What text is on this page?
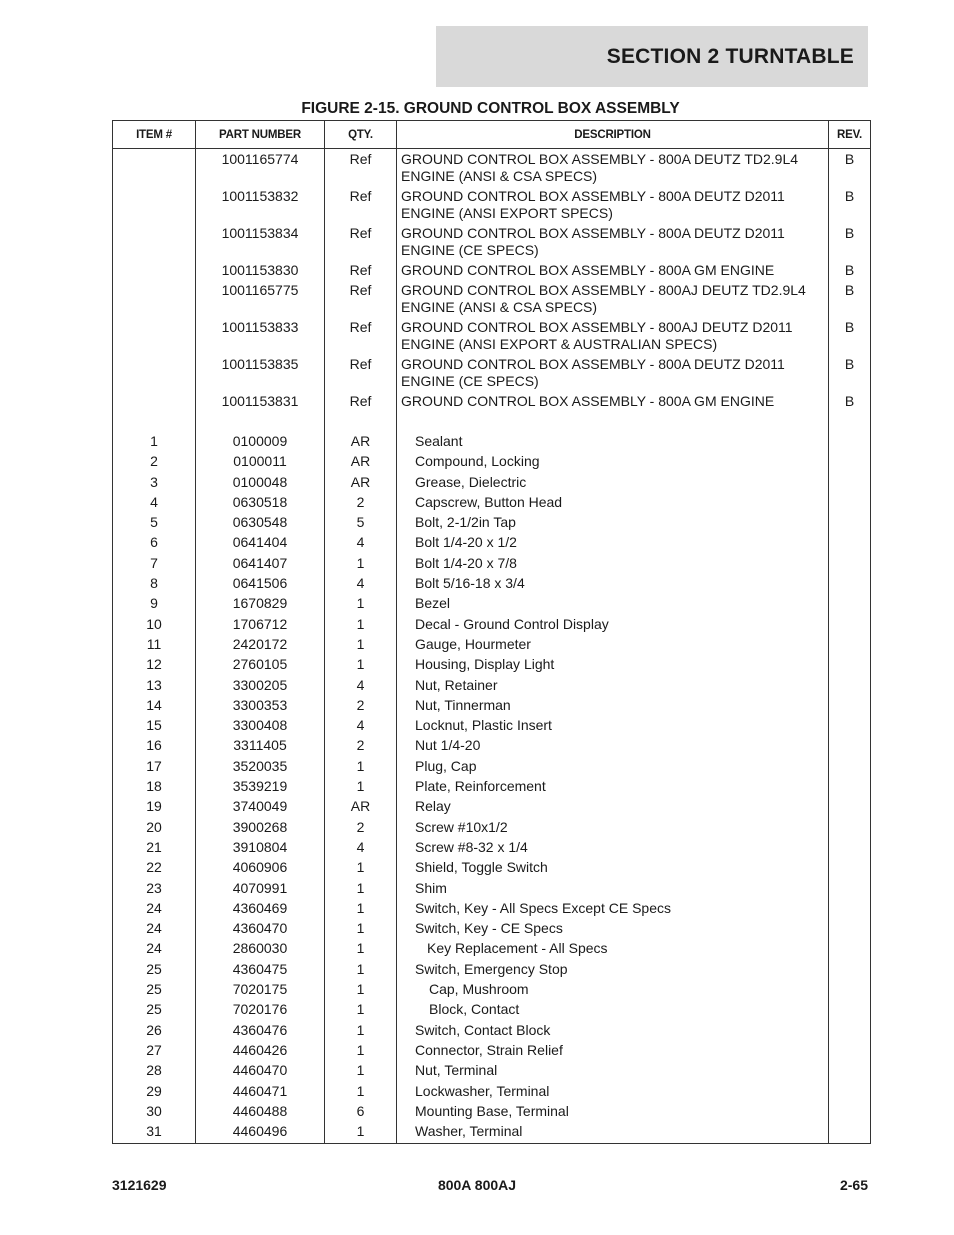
SECTION 2 TURNTABLE
FIGURE 2-15. GROUND CONTROL BOX ASSEMBLY
ITEM #	PART NUMBER	QTY.	DESCRIPTION	REV.
	1001165774	Ref	GROUND CONTROL BOX ASSEMBLY - 800A DEUTZ TD2.9L4 ENGINE (ANSI & CSA SPECS)	B
	1001153832	Ref	GROUND CONTROL BOX ASSEMBLY - 800A DEUTZ D2011 ENGINE (ANSI EXPORT SPECS)	B
	1001153834	Ref	GROUND CONTROL BOX ASSEMBLY - 800A DEUTZ D2011 ENGINE (CE SPECS)	B
	1001153830	Ref	GROUND CONTROL BOX ASSEMBLY - 800A GM ENGINE	B
	1001165775	Ref	GROUND CONTROL BOX ASSEMBLY - 800AJ DEUTZ TD2.9L4 ENGINE (ANSI & CSA SPECS)	B
	1001153833	Ref	GROUND CONTROL BOX ASSEMBLY - 800AJ DEUTZ D2011 ENGINE (ANSI EXPORT & AUSTRALIAN SPECS)	B
	1001153835	Ref	GROUND CONTROL BOX ASSEMBLY - 800A DEUTZ D2011 ENGINE (CE SPECS)	B
	1001153831	Ref	GROUND CONTROL BOX ASSEMBLY - 800A GM ENGINE	B

1	0100009	AR	Sealant	
2	0100011	AR	Compound, Locking	
3	0100048	AR	Grease, Dielectric	
4	0630518	2	Capscrew, Button Head	
5	0630548	5	Bolt, 2-1/2in Tap	
6	0641404	4	Bolt 1/4-20 x 1/2	
7	0641407	1	Bolt 1/4-20 x 7/8	
8	0641506	4	Bolt 5/16-18 x 3/4	
9	1670829	1	Bezel	
10	1706712	1	Decal - Ground Control Display	
11	2420172	1	Gauge, Hourmeter	
12	2760105	1	Housing, Display Light	
13	3300205	4	Nut, Retainer	
14	3300353	2	Nut, Tinnerman	
15	3300408	4	Locknut, Plastic Insert	
16	3311405	2	Nut 1/4-20	
17	3520035	1	Plug, Cap	
18	3539219	1	Plate, Reinforcement	
19	3740049	AR	Relay	
20	3900268	2	Screw #10x1/2	
21	3910804	4	Screw #8-32 x 1/4	
22	4060906	1	Shield, Toggle Switch	
23	4070991	1	Shim	
24	4360469	1	Switch, Key - All Specs Except CE Specs	
24	4360470	1	Switch, Key - CE Specs	
24	2860030	1	Key Replacement - All Specs	
25	4360475	1	Switch, Emergency Stop	
25	7020175	1	Cap, Mushroom	
25	7020176	1	Block, Contact	
26	4360476	1	Switch, Contact Block	
27	4460426	1	Connector, Strain Relief	
28	4460470	1	Nut, Terminal	
29	4460471	1	Lockwasher, Terminal	
30	4460488	6	Mounting Base, Terminal	
31	4460496	1	Washer, Terminal	
3121629	800A 800AJ	2-65
